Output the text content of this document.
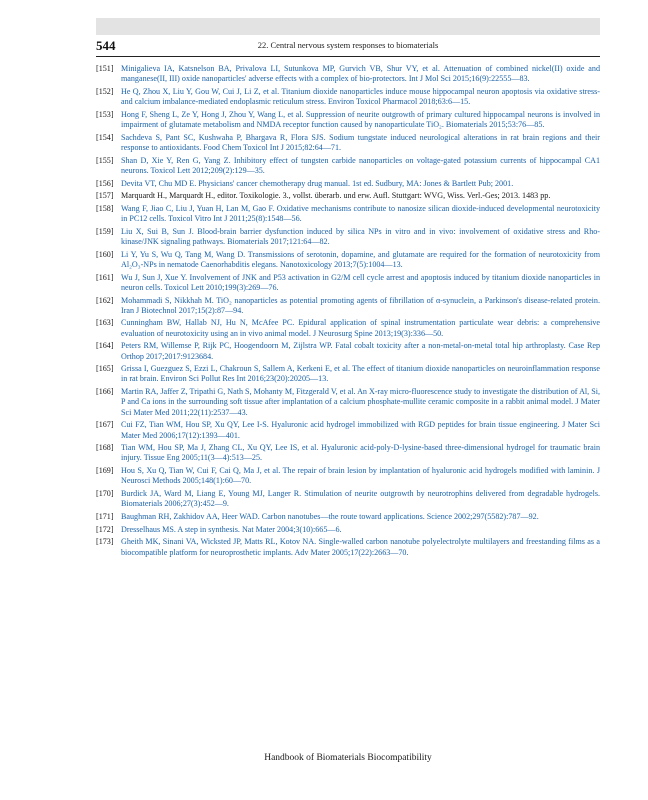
544	22. Central nervous system responses to biomaterials
[151] Minigalieva IA, Katsnelson BA, Privalova LI, Sutunkova MP, Gurvich VB, Shur VY, et al. Attenuation of combined nickel(II) oxide and manganese(II, III) oxide nanoparticles' adverse effects with a complex of bio-protectors. Int J Mol Sci 2015;16(9):22555—83.
[152] He Q, Zhou X, Liu Y, Gou W, Cui J, Li Z, et al. Titanium dioxide nanoparticles induce mouse hippocampal neuron apoptosis via oxidative stress- and calcium imbalance-mediated endoplasmic reticulum stress. Environ Toxicol Pharmacol 2018;63:6—15.
[153] Hong F, Sheng L, Ze Y, Hong J, Zhou Y, Wang L, et al. Suppression of neurite outgrowth of primary cultured hippocampal neurons is involved in impairment of glutamate metabolism and NMDA receptor function caused by nanoparticulate TiO₂. Biomaterials 2015;53:76—85.
[154] Sachdeva S, Pant SC, Kushwaha P, Bhargava R, Flora SJS. Sodium tungstate induced neurological alterations in rat brain regions and their response to antioxidants. Food Chem Toxicol Int J 2015;82:64—71.
[155] Shan D, Xie Y, Ren G, Yang Z. Inhibitory effect of tungsten carbide nanoparticles on voltage-gated potassium currents of hippocampal CA1 neurons. Toxicol Lett 2012;209(2):129—35.
[156] Devita VT, Chu MD E. Physicians' cancer chemotherapy drug manual. 1st ed. Sudbury, MA: Jones & Bartlett Pub; 2001.
[157] Marquardt H., Marquardt H., editor. Toxikologie. 3., vollst. überarb. und erw. Aufl. Stuttgart: WVG, Wiss. Verl.-Ges; 2013. 1483 pp.
[158] Wang F, Jiao C, Liu J, Yuan H, Lan M, Gao F. Oxidative mechanisms contribute to nanosize silican dioxide-induced developmental neurotoxicity in PC12 cells. Toxicol Vitro Int J 2011;25(8):1548—56.
[159] Liu X, Sui B, Sun J. Blood-brain barrier dysfunction induced by silica NPs in vitro and in vivo: involvement of oxidative stress and Rho-kinase/JNK signaling pathways. Biomaterials 2017;121:64—82.
[160] Li Y, Yu S, Wu Q, Tang M, Wang D. Transmissions of serotonin, dopamine, and glutamate are required for the formation of neurotoxicity from Al₂O₃-NPs in nematode Caenorhabditis elegans. Nanotoxicology 2013;7(5):1004—13.
[161] Wu J, Sun J, Xue Y. Involvement of JNK and P53 activation in G2/M cell cycle arrest and apoptosis induced by titanium dioxide nanoparticles in neuron cells. Toxicol Lett 2010;199(3):269—76.
[162] Mohammadi S, Nikkhah M. TiO₂ nanoparticles as potential promoting agents of fibrillation of α-synuclein, a Parkinson's disease-related protein. Iran J Biotechnol 2017;15(2):87—94.
[163] Cunningham BW, Hallab NJ, Hu N, McAfee PC. Epidural application of spinal instrumentation particulate wear debris: a comprehensive evaluation of neurotoxicity using an in vivo animal model. J Neurosurg Spine 2013;19(3):336—50.
[164] Peters RM, Willemse P, Rijk PC, Hoogendoorn M, Zijlstra WP. Fatal cobalt toxicity after a non-metal-on-metal total hip arthroplasty. Case Rep Orthop 2017;2017:9123684.
[165] Grissa I, Guezguez S, Ezzi L, Chakroun S, Sallem A, Kerkeni E, et al. The effect of titanium dioxide nanoparticles on neuroinflammation response in rat brain. Environ Sci Pollut Res Int 2016;23(20):20205—13.
[166] Martin RA, Jaffer Z, Tripathi G, Nath S, Mohanty M, Fitzgerald V, et al. An X-ray micro-fluorescence study to investigate the distribution of Al, Si, P and Ca ions in the surrounding soft tissue after implantation of a calcium phosphate-mullite ceramic composite in a rabbit animal model. J Mater Sci Mater Med 2011;22(11):2537—43.
[167] Cui FZ, Tian WM, Hou SP, Xu QY, Lee I-S. Hyaluronic acid hydrogel immobilized with RGD peptides for brain tissue engineering. J Mater Sci Mater Med 2006;17(12):1393—401.
[168] Tian WM, Hou SP, Ma J, Zhang CL, Xu QY, Lee IS, et al. Hyaluronic acid-poly-D-lysine-based three-dimensional hydrogel for traumatic brain injury. Tissue Eng 2005;11(3—4):513—25.
[169] Hou S, Xu Q, Tian W, Cui F, Cai Q, Ma J, et al. The repair of brain lesion by implantation of hyaluronic acid hydrogels modified with laminin. J Neurosci Methods 2005;148(1):60—70.
[170] Burdick JA, Ward M, Liang E, Young MJ, Langer R. Stimulation of neurite outgrowth by neurotrophins delivered from degradable hydrogels. Biomaterials 2006;27(3):452—9.
[171] Baughman RH, Zakhidov AA, Heer WAD. Carbon nanotubes—the route toward applications. Science 2002;297(5582):787—92.
[172] Dresselhaus MS. A step in synthesis. Nat Mater 2004;3(10):665—6.
[173] Gheith MK, Sinani VA, Wicksted JP, Matts RL, Kotov NA. Single-walled carbon nanotube polyelectrolyte multilayers and freestanding films as a biocompatible platform for neuroprosthetic implants. Adv Mater 2005;17(22):2663—70.
Handbook of Biomaterials Biocompatibility
